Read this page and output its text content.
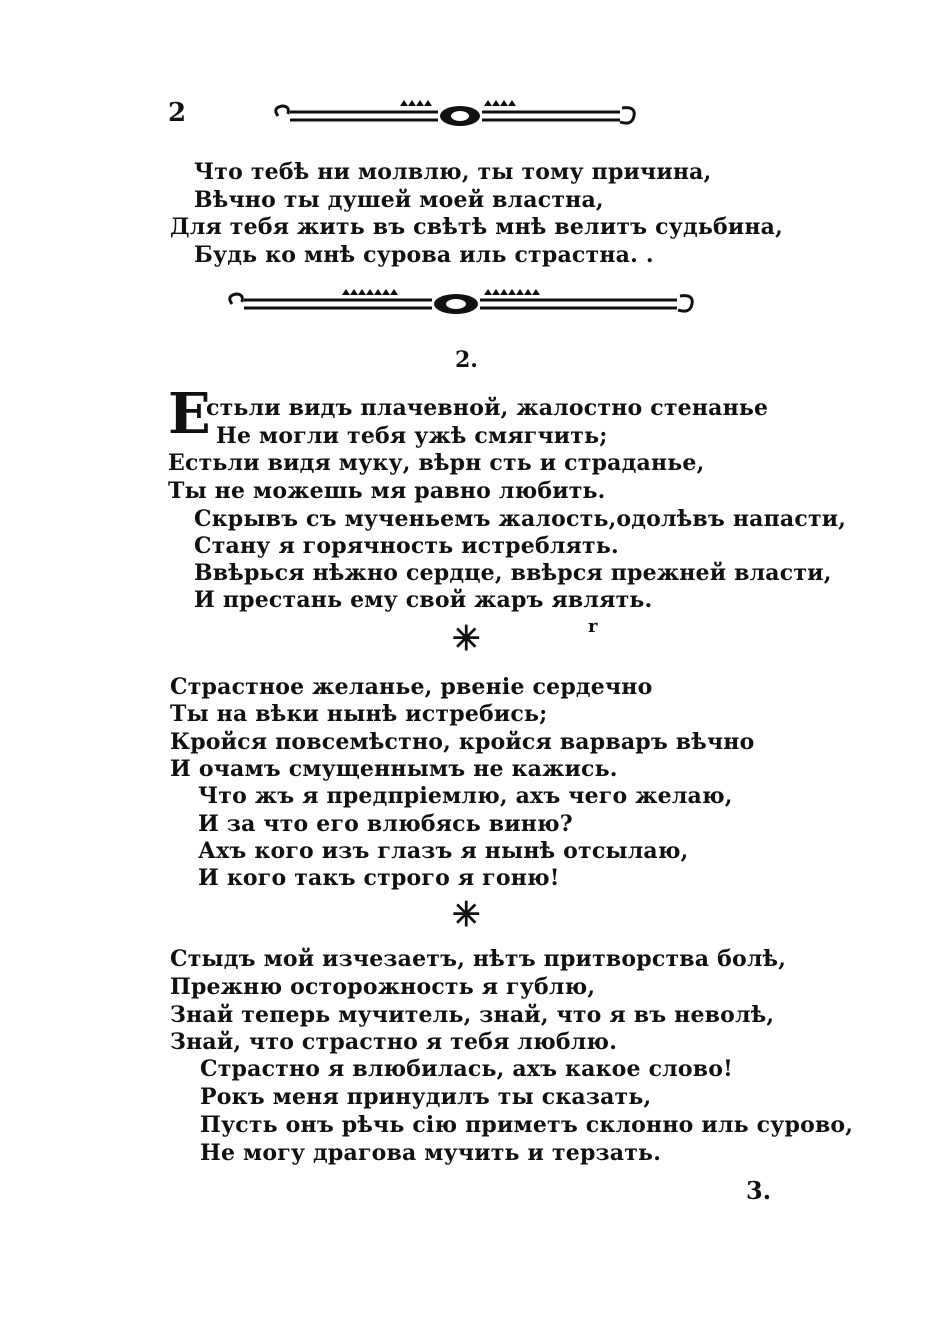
2
Что тебѣ ни молвлю, ты тому причина,
Вѣчно ты душей моей властна,
Для тебя жить въ свѣтѣ мнѣ велитъ судьбина,
Будь ко мнѣ сурова иль страстна. .
2.
Е
стьли видъ плачевной, жалостно стенанье
Не могли тебя ужѣ смягчить;
Естьли видя муку, вѣрн сть и страданье,
Ты не можешь мя равно любить.
Скрывъ съ мученьемъ жалость,одолѣвъ напасти,
Стану я горячность истреблять.
Ввѣрься нѣжно сердце, ввѣрся прежней власти,
И престань ему свой жаръ являть.
✳	r
Страстное желанье, рвеніе сердечно
Ты на вѣки нынѣ истребись;
Кройся повсемѣстно, кройся варваръ вѣчно
И очамъ смущеннымъ не кажись.
Что жъ я предпріемлю, ахъ чего желаю,
И за что его влюбясь виню?
Ахъ кого изъ глазъ я нынѣ отсылаю,
И кого такъ строго я гоню!
✳
Стыдъ мой изчезаетъ, нѣтъ притворства болѣ,
Прежню осторожность я гублю,
Знай теперь мучитель, знай, что я въ неволѣ,
Знай, что страстно я тебя люблю.
Страстно я влюбилась, ахъ какое слово!
Рокъ меня принудилъ ты сказать,
Пусть онъ рѣчь сію приметъ склонно иль сурово,
Не могу драгова мучить и терзать.
3.
